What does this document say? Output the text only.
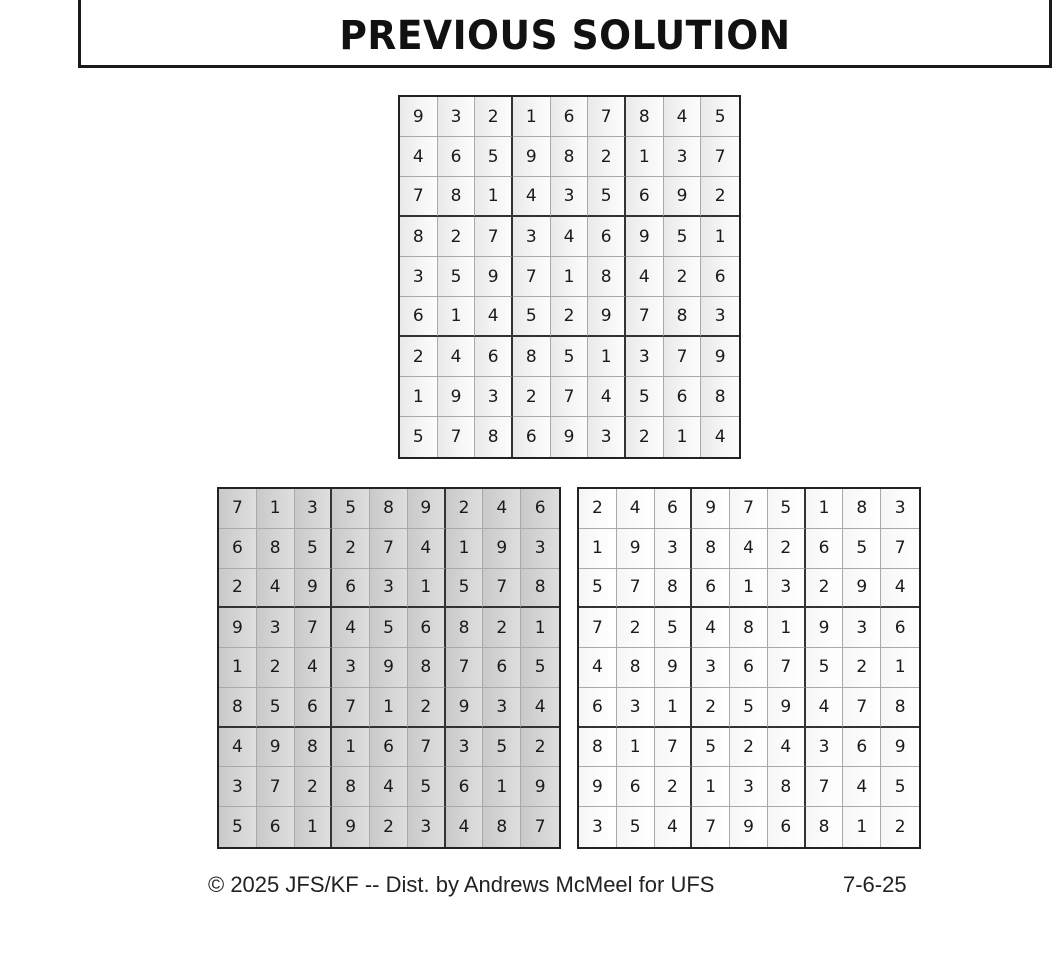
PREVIOUS SOLUTION
9	3	2	1	6	7	8	4	5
4	6	5	9	8	2	1	3	7
7	8	1	4	3	5	6	9	2
8	2	7	3	4	6	9	5	1
3	5	9	7	1	8	4	2	6
6	1	4	5	2	9	7	8	3
2	4	6	8	5	1	3	7	9
1	9	3	2	7	4	5	6	8
5	7	8	6	9	3	2	1	4
7	1	3	5	8	9	2	4	6
6	8	5	2	7	4	1	9	3
2	4	9	6	3	1	5	7	8
9	3	7	4	5	6	8	2	1
1	2	4	3	9	8	7	6	5
8	5	6	7	1	2	9	3	4
4	9	8	1	6	7	3	5	2
3	7	2	8	4	5	6	1	9
5	6	1	9	2	3	4	8	7
2	4	6	9	7	5	1	8	3
1	9	3	8	4	2	6	5	7
5	7	8	6	1	3	2	9	4
7	2	5	4	8	1	9	3	6
4	8	9	3	6	7	5	2	1
6	3	1	2	5	9	4	7	8
8	1	7	5	2	4	3	6	9
9	6	2	1	3	8	7	4	5
3	5	4	7	9	6	8	1	2
© 2025 JFS/KF -- Dist. by Andrews McMeel for UFS	7-6-25
